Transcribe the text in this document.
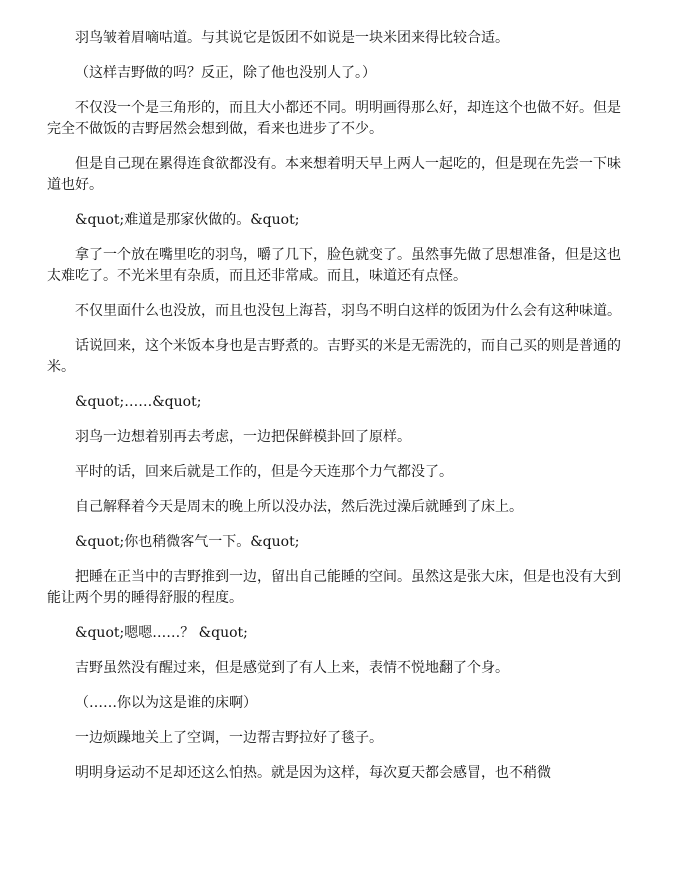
羽鸟皱着眉嘀咕道。与其说它是饭团不如说是一块米团来得比较合适。

（这样吉野做的吗？反正，除了他也没别人了。）

不仅没一个是三角形的，而且大小都还不同。明明画得那么好，却连这个也做不好。但是完全不做饭的吉野居然会想到做，看来也进步了不少。

但是自己现在累得连食欲都没有。本来想着明天早上两人一起吃的，但是现在先尝一下味道也好。

&quot;难道是那家伙做的。&quot;

拿了一个放在嘴里吃的羽鸟，嚼了几下，脸色就变了。虽然事先做了思想准备，但是这也太难吃了。不光米里有杂质，而且还非常咸。而且，味道还有点怪。

不仅里面什么也没放，而且也没包上海苔，羽鸟不明白这样的饭团为什么会有这种味道。

话说回来，这个米饭本身也是吉野煮的。吉野买的米是无需洗的，而自己买的则是普通的米。

&quot;……&quot;

羽鸟一边想着别再去考虑，一边把保鲜模卦回了原样。

平时的话，回来后就是工作的，但是今天连那个力气都没了。

自己解释着今天是周末的晚上所以没办法，然后洗过澡后就睡到了床上。

&quot;你也稍微客气一下。&quot;

把睡在正当中的吉野推到一边，留出自己能睡的空间。虽然这是张大床，但是也没有大到能让两个男的睡得舒服的程度。

&quot;嗯嗯……？ &quot;

吉野虽然没有醒过来，但是感觉到了有人上来，表情不悦地翻了个身。

（……你以为这是谁的床啊）

一边烦躁地关上了空调，一边帮吉野拉好了毯子。

明明身运动不足却还这么怕热。就是因为这样，每次夏天都会感冒，也不稍微
